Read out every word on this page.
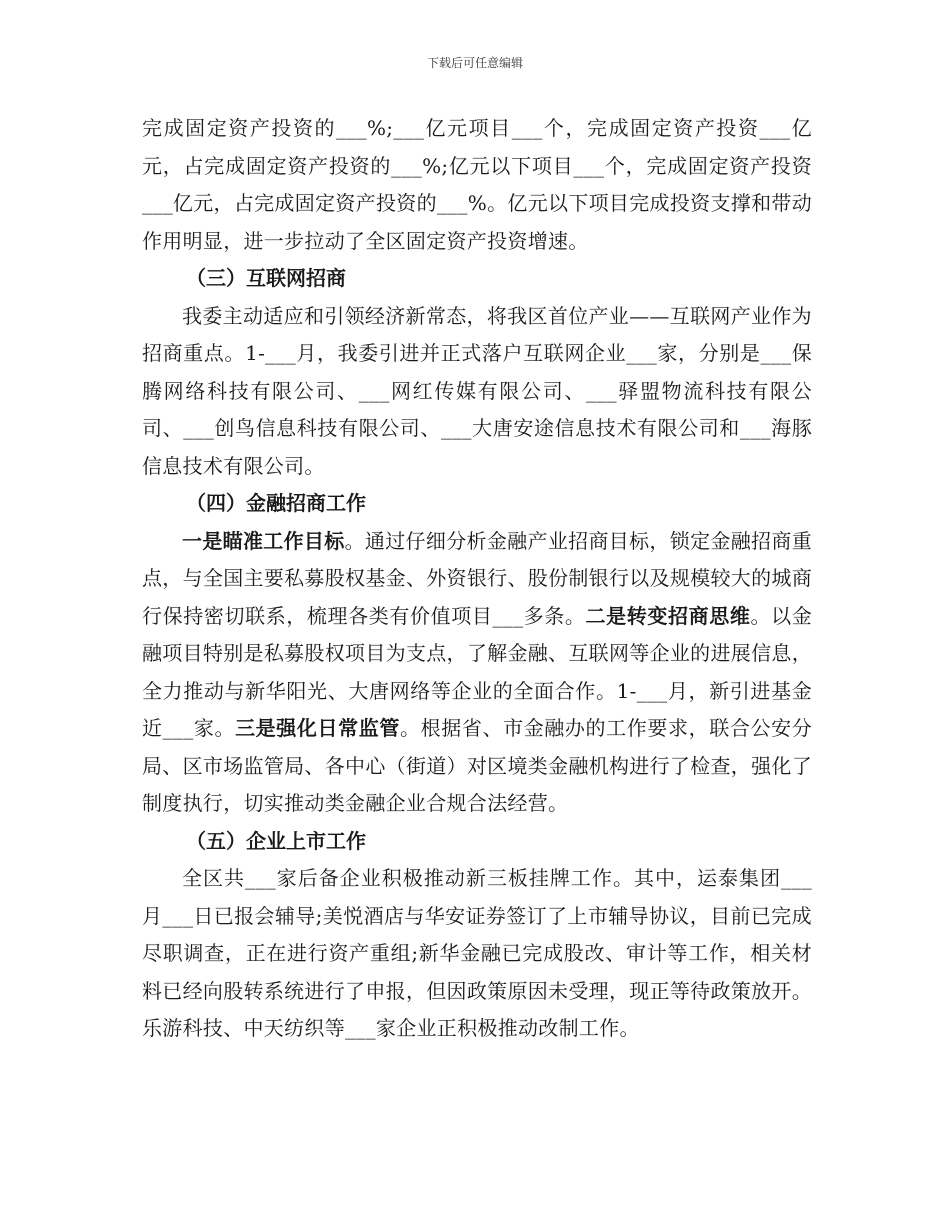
下载后可任意编辑

完成固定资产投资的___%;___亿元项目___个，完成固定资产投资___亿元，占完成固定资产投资的___%;亿元以下项目___个，完成固定资产投资___亿元，占完成固定资产投资的___%。亿元以下项目完成投资支撑和带动作用明显，进一步拉动了全区固定资产投资增速。

（三）互联网招商

我委主动适应和引领经济新常态，将我区首位产业——互联网产业作为招商重点。1-___月，我委引进并正式落户互联网企业___家，分别是___保腾网络科技有限公司、___网红传媒有限公司、___驿盟物流科技有限公司、___创鸟信息科技有限公司、___大唐安途信息技术有限公司和___海豚信息技术有限公司。

（四）金融招商工作

一是瞄准工作目标。通过仔细分析金融产业招商目标，锁定金融招商重点，与全国主要私募股权基金、外资银行、股份制银行以及规模较大的城商行保持密切联系，梳理各类有价值项目___多条。二是转变招商思维。以金融项目特别是私募股权项目为支点，了解金融、互联网等企业的进展信息，全力推动与新华阳光、大唐网络等企业的全面合作。1-___月，新引进基金近___家。三是强化日常监管。根据省、市金融办的工作要求，联合公安分局、区市场监管局、各中心（街道）对区境类金融机构进行了检查，强化了制度执行，切实推动类金融企业合规合法经营。

（五）企业上市工作

全区共___家后备企业积极推动新三板挂牌工作。其中，运泰集团___月___日已报会辅导;美悦酒店与华安证券签订了上市辅导协议，目前已完成尽职调查，正在进行资产重组;新华金融已完成股改、审计等工作，相关材料已经向股转系统进行了申报，但因政策原因未受理，现正等待政策放开。乐游科技、中天纺织等___家企业正积极推动改制工作。
